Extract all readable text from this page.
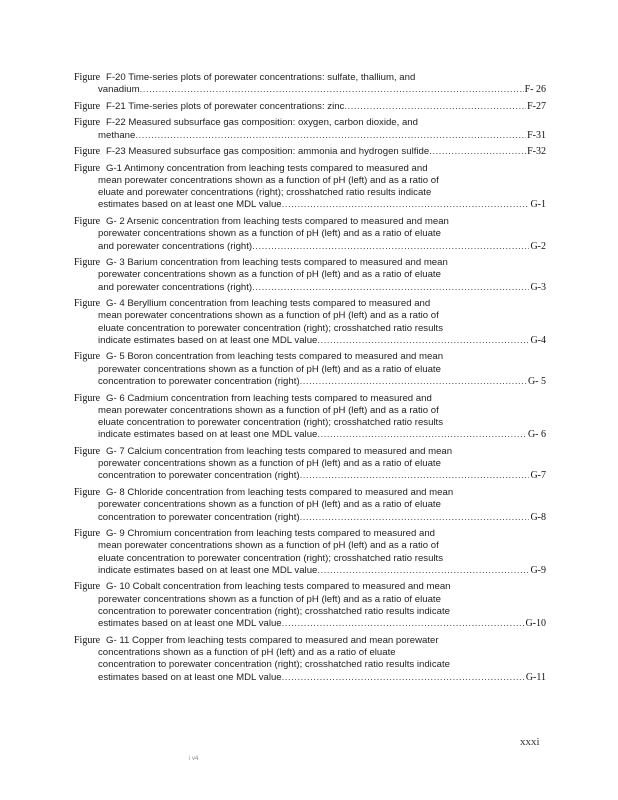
Figure F-20 Time-series plots of porewater concentrations: sulfate, thallium, and
vanadium .....	F- 26
Figure F-21 Time-series plots of porewater concentrations: zinc .....	F-27
Figure F-22 Measured subsurface gas composition: oxygen, carbon dioxide, and
methane .....	F-31
Figure F-23 Measured subsurface gas composition: ammonia and hydrogen sulfide .....	F-32
Figure G-1 Antimony concentration from leaching tests compared to measured and
mean porewater concentrations shown as a function of pH (left) and as a ratio of
eluate and porewater concentrations (right); crosshatched ratio results indicate
estimates based on at least one MDL value .....	G-1
Figure G- 2 Arsenic concentration from leaching tests compared to measured and mean
porewater concentrations shown as a function of pH (left) and as a ratio of eluate
and porewater concentrations (right) .....	G-2
Figure G- 3 Barium concentration from leaching tests compared to measured and mean
porewater concentrations shown as a function of pH (left) and as a ratio of eluate
and porewater concentrations (right) .....	G-3
Figure G- 4 Beryllium concentration from leaching tests compared to measured and
mean porewater concentrations shown as a function of pH (left) and as a ratio of
eluate concentration to porewater concentration (right); crosshatched ratio results
indicate estimates based on at least one MDL value .....	G-4
Figure G- 5 Boron concentration from leaching tests compared to measured and mean
porewater concentrations shown as a function of pH (left) and as a ratio of eluate
concentration to porewater concentration (right) .....	G- 5
Figure G- 6 Cadmium concentration from leaching tests compared to measured and
mean porewater concentrations shown as a function of pH (left) and as a ratio of
eluate concentration to porewater concentration (right); crosshatched ratio results
indicate estimates based on at least one MDL value .....	G- 6
Figure G- 7 Calcium concentration from leaching tests compared to measured and mean
porewater concentrations shown as a function of pH (left) and as a ratio of eluate
concentration to porewater concentration (right) .....	G-7
Figure G- 8 Chloride concentration from leaching tests compared to measured and mean
porewater concentrations shown as a function of pH (left) and as a ratio of eluate
concentration to porewater concentration (right) .....	G-8
Figure G- 9 Chromium concentration from leaching tests compared to measured and
mean porewater concentrations shown as a function of pH (left) and as a ratio of
eluate concentration to porewater concentration (right); crosshatched ratio results
indicate estimates based on at least one MDL value .....	G-9
Figure G- 10 Cobalt concentration from leaching tests compared to measured and mean
porewater concentrations shown as a function of pH (left) and as a ratio of eluate
concentration to porewater concentration (right); crosshatched ratio results indicate
estimates based on at least one MDL value .....	G-10
Figure G- 11 Copper from leaching tests compared to measured and mean porewater
concentrations shown as a function of pH (left) and as a ratio of eluate
concentration to porewater concentration (right); crosshatched ratio results indicate
estimates based on at least one MDL value .....	G-11
xxxi
i v4
